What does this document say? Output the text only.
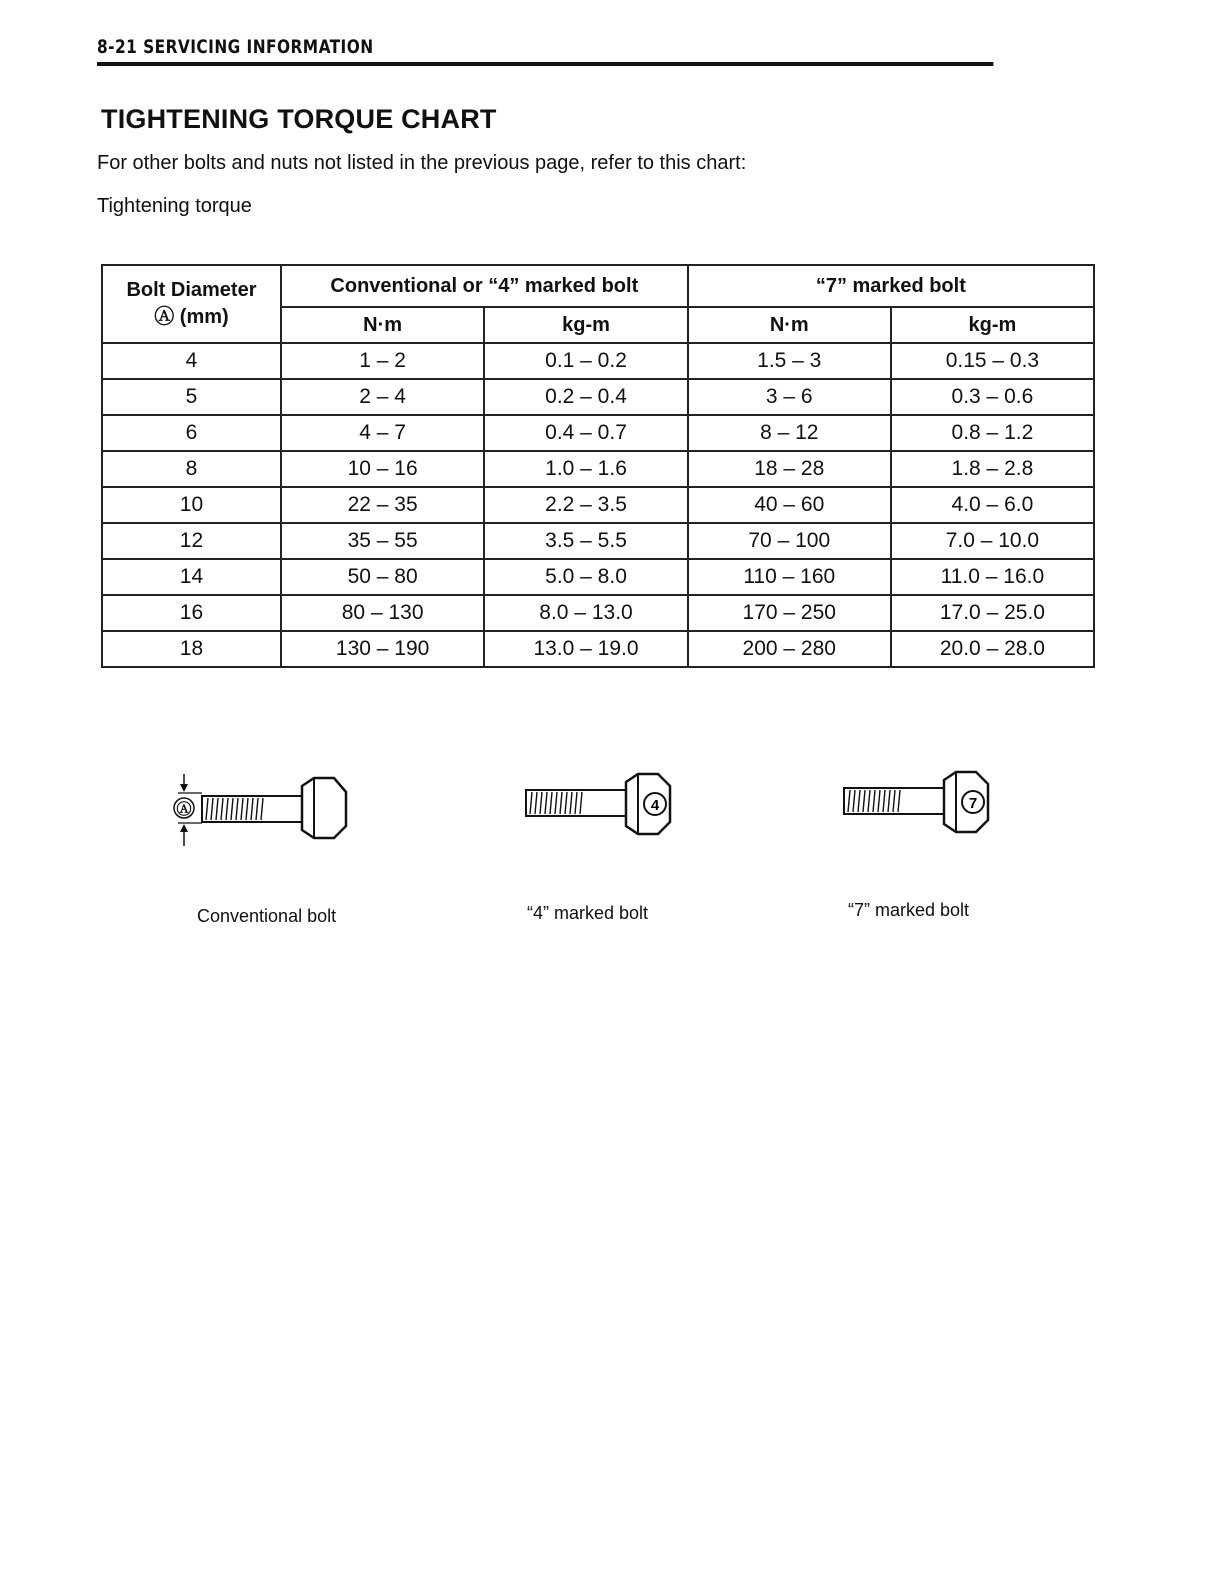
8-21 SERVICING INFORMATION
TIGHTENING TORQUE CHART
For other bolts and nuts not listed in the previous page, refer to this chart:
Tightening torque
Bolt Diameter
Ⓐ (mm)	Conventional or “4” marked bolt		“7” marked bolt	
	N·m	kg-m	N·m	kg-m
4	1 – 2	0.1 – 0.2	1.5 – 3	0.15 – 0.3
5	2 – 4	0.2 – 0.4	3 – 6	0.3 – 0.6
6	4 – 7	0.4 – 0.7	8 – 12	0.8 – 1.2
8	10 – 16	1.0 – 1.6	18 – 28	1.8 – 2.8
10	22 – 35	2.2 – 3.5	40 – 60	4.0 – 6.0
12	35 – 55	3.5 – 5.5	70 – 100	7.0 – 10.0
14	50 – 80	5.0 – 8.0	110 – 160	11.0 – 16.0
16	80 – 130	8.0 – 13.0	170 – 250	17.0 – 25.0
18	130 – 190	13.0 – 19.0	200 – 280	20.0 – 28.0
Ⓐ	4	7
Conventional bolt	“4” marked bolt	“7” marked bolt
